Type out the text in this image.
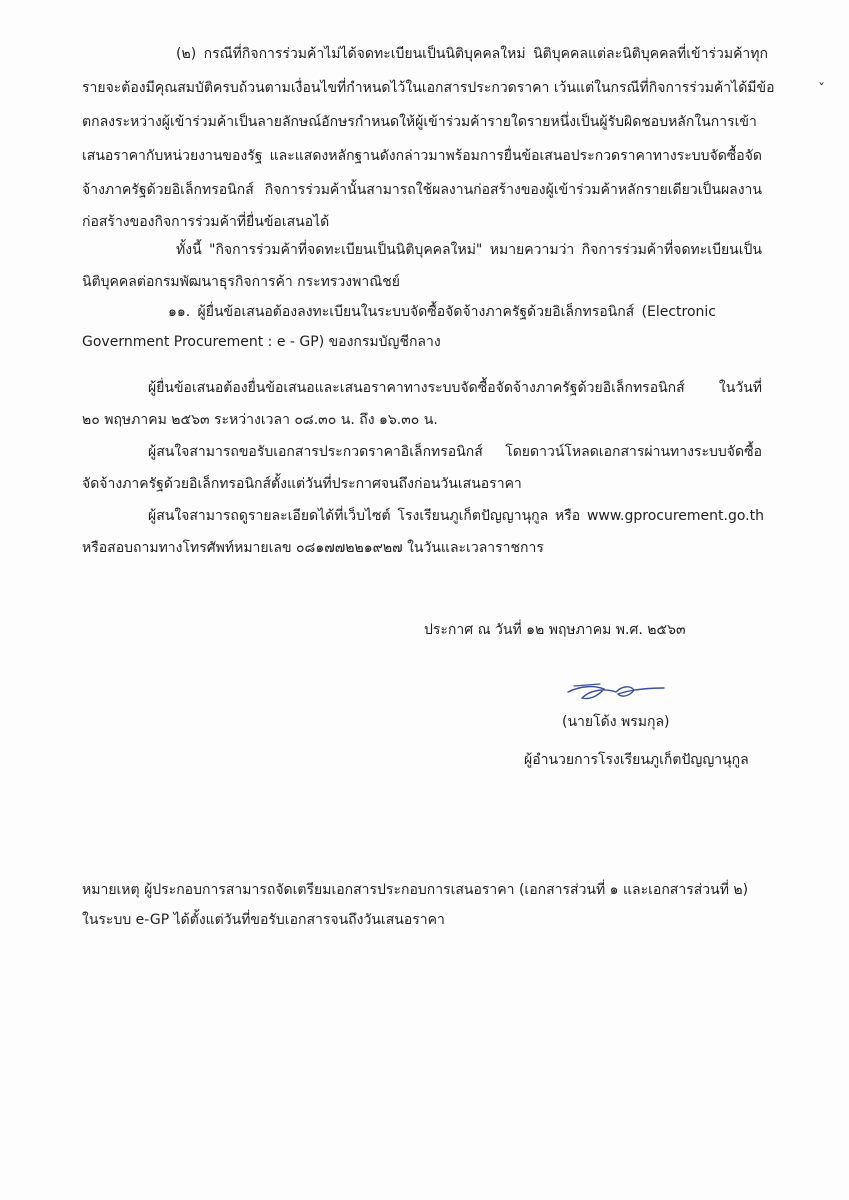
(๒) กรณีที่กิจการร่วมค้าไม่ได้จดทะเบียนเป็นนิติบุคคลใหม่ นิติบุคคลแต่ละนิติบุคคลที่เข้าร่วมค้าทุก
รายจะต้องมีคุณสมบัติครบถ้วนตามเงื่อนไขที่กำหนดไว้ในเอกสารประกวดราคา เว้นแต่ในกรณีที่กิจการร่วมค้าได้มีข้อ
ตกลงระหว่างผู้เข้าร่วมค้าเป็นลายลักษณ์อักษรกำหนดให้ผู้เข้าร่วมค้ารายใดรายหนึ่งเป็นผู้รับผิดชอบหลักในการเข้า
เสนอราคากับหน่วยงานของรัฐ และแสดงหลักฐานดังกล่าวมาพร้อมการยื่นข้อเสนอประกวดราคาทางระบบจัดซื้อจัด
จ้างภาครัฐด้วยอิเล็กทรอนิกส์ กิจการร่วมค้านั้นสามารถใช้ผลงานก่อสร้างของผู้เข้าร่วมค้าหลักรายเดียวเป็นผลงาน
ก่อสร้างของกิจการร่วมค้าที่ยื่นข้อเสนอได้
ทั้งนี้ "กิจการร่วมค้าที่จดทะเบียนเป็นนิติบุคคลใหม่" หมายความว่า กิจการร่วมค้าที่จดทะเบียนเป็น
นิติบุคคลต่อกรมพัฒนาธุรกิจการค้า กระทรวงพาณิชย์
๑๑. ผู้ยื่นข้อเสนอต้องลงทะเบียนในระบบจัดซื้อจัดจ้างภาครัฐด้วยอิเล็กทรอนิกส์ (Electronic
Government Procurement : e - GP) ของกรมบัญชีกลาง
ผู้ยื่นข้อเสนอต้องยื่นข้อเสนอและเสนอราคาทางระบบจัดซื้อจัดจ้างภาครัฐด้วยอิเล็กทรอนิกส์ ในวันที่
๒๐ พฤษภาคม ๒๕๖๓ ระหว่างเวลา ๐๘.๓๐ น. ถึง ๑๖.๓๐ น.
ผู้สนใจสามารถขอรับเอกสารประกวดราคาอิเล็กทรอนิกส์ โดยดาวน์โหลดเอกสารผ่านทางระบบจัดซื้อ
จัดจ้างภาครัฐด้วยอิเล็กทรอนิกส์ตั้งแต่วันที่ประกาศจนถึงก่อนวันเสนอราคา
ผู้สนใจสามารถดูรายละเอียดได้ที่เว็บไซต์ โรงเรียนภูเก็ตปัญญานุกูล หรือ www.gprocurement.go.th
หรือสอบถามทางโทรศัพท์หมายเลข ๐๘๑๗๗๒๒๑๙๒๗ ในวันและเวลาราชการ
ประกาศ ณ วันที่ ๑๒ พฤษภาคม พ.ศ. ๒๕๖๓
(นายโด้ง พรมกุล)
ผู้อำนวยการโรงเรียนภูเก็ตปัญญานุกูล
หมายเหตุ ผู้ประกอบการสามารถจัดเตรียมเอกสารประกอบการเสนอราคา (เอกสารส่วนที่ ๑ และเอกสารส่วนที่ ๒)
ในระบบ e-GP ได้ตั้งแต่วันที่ขอรับเอกสารจนถึงวันเสนอราคา
ˇ
